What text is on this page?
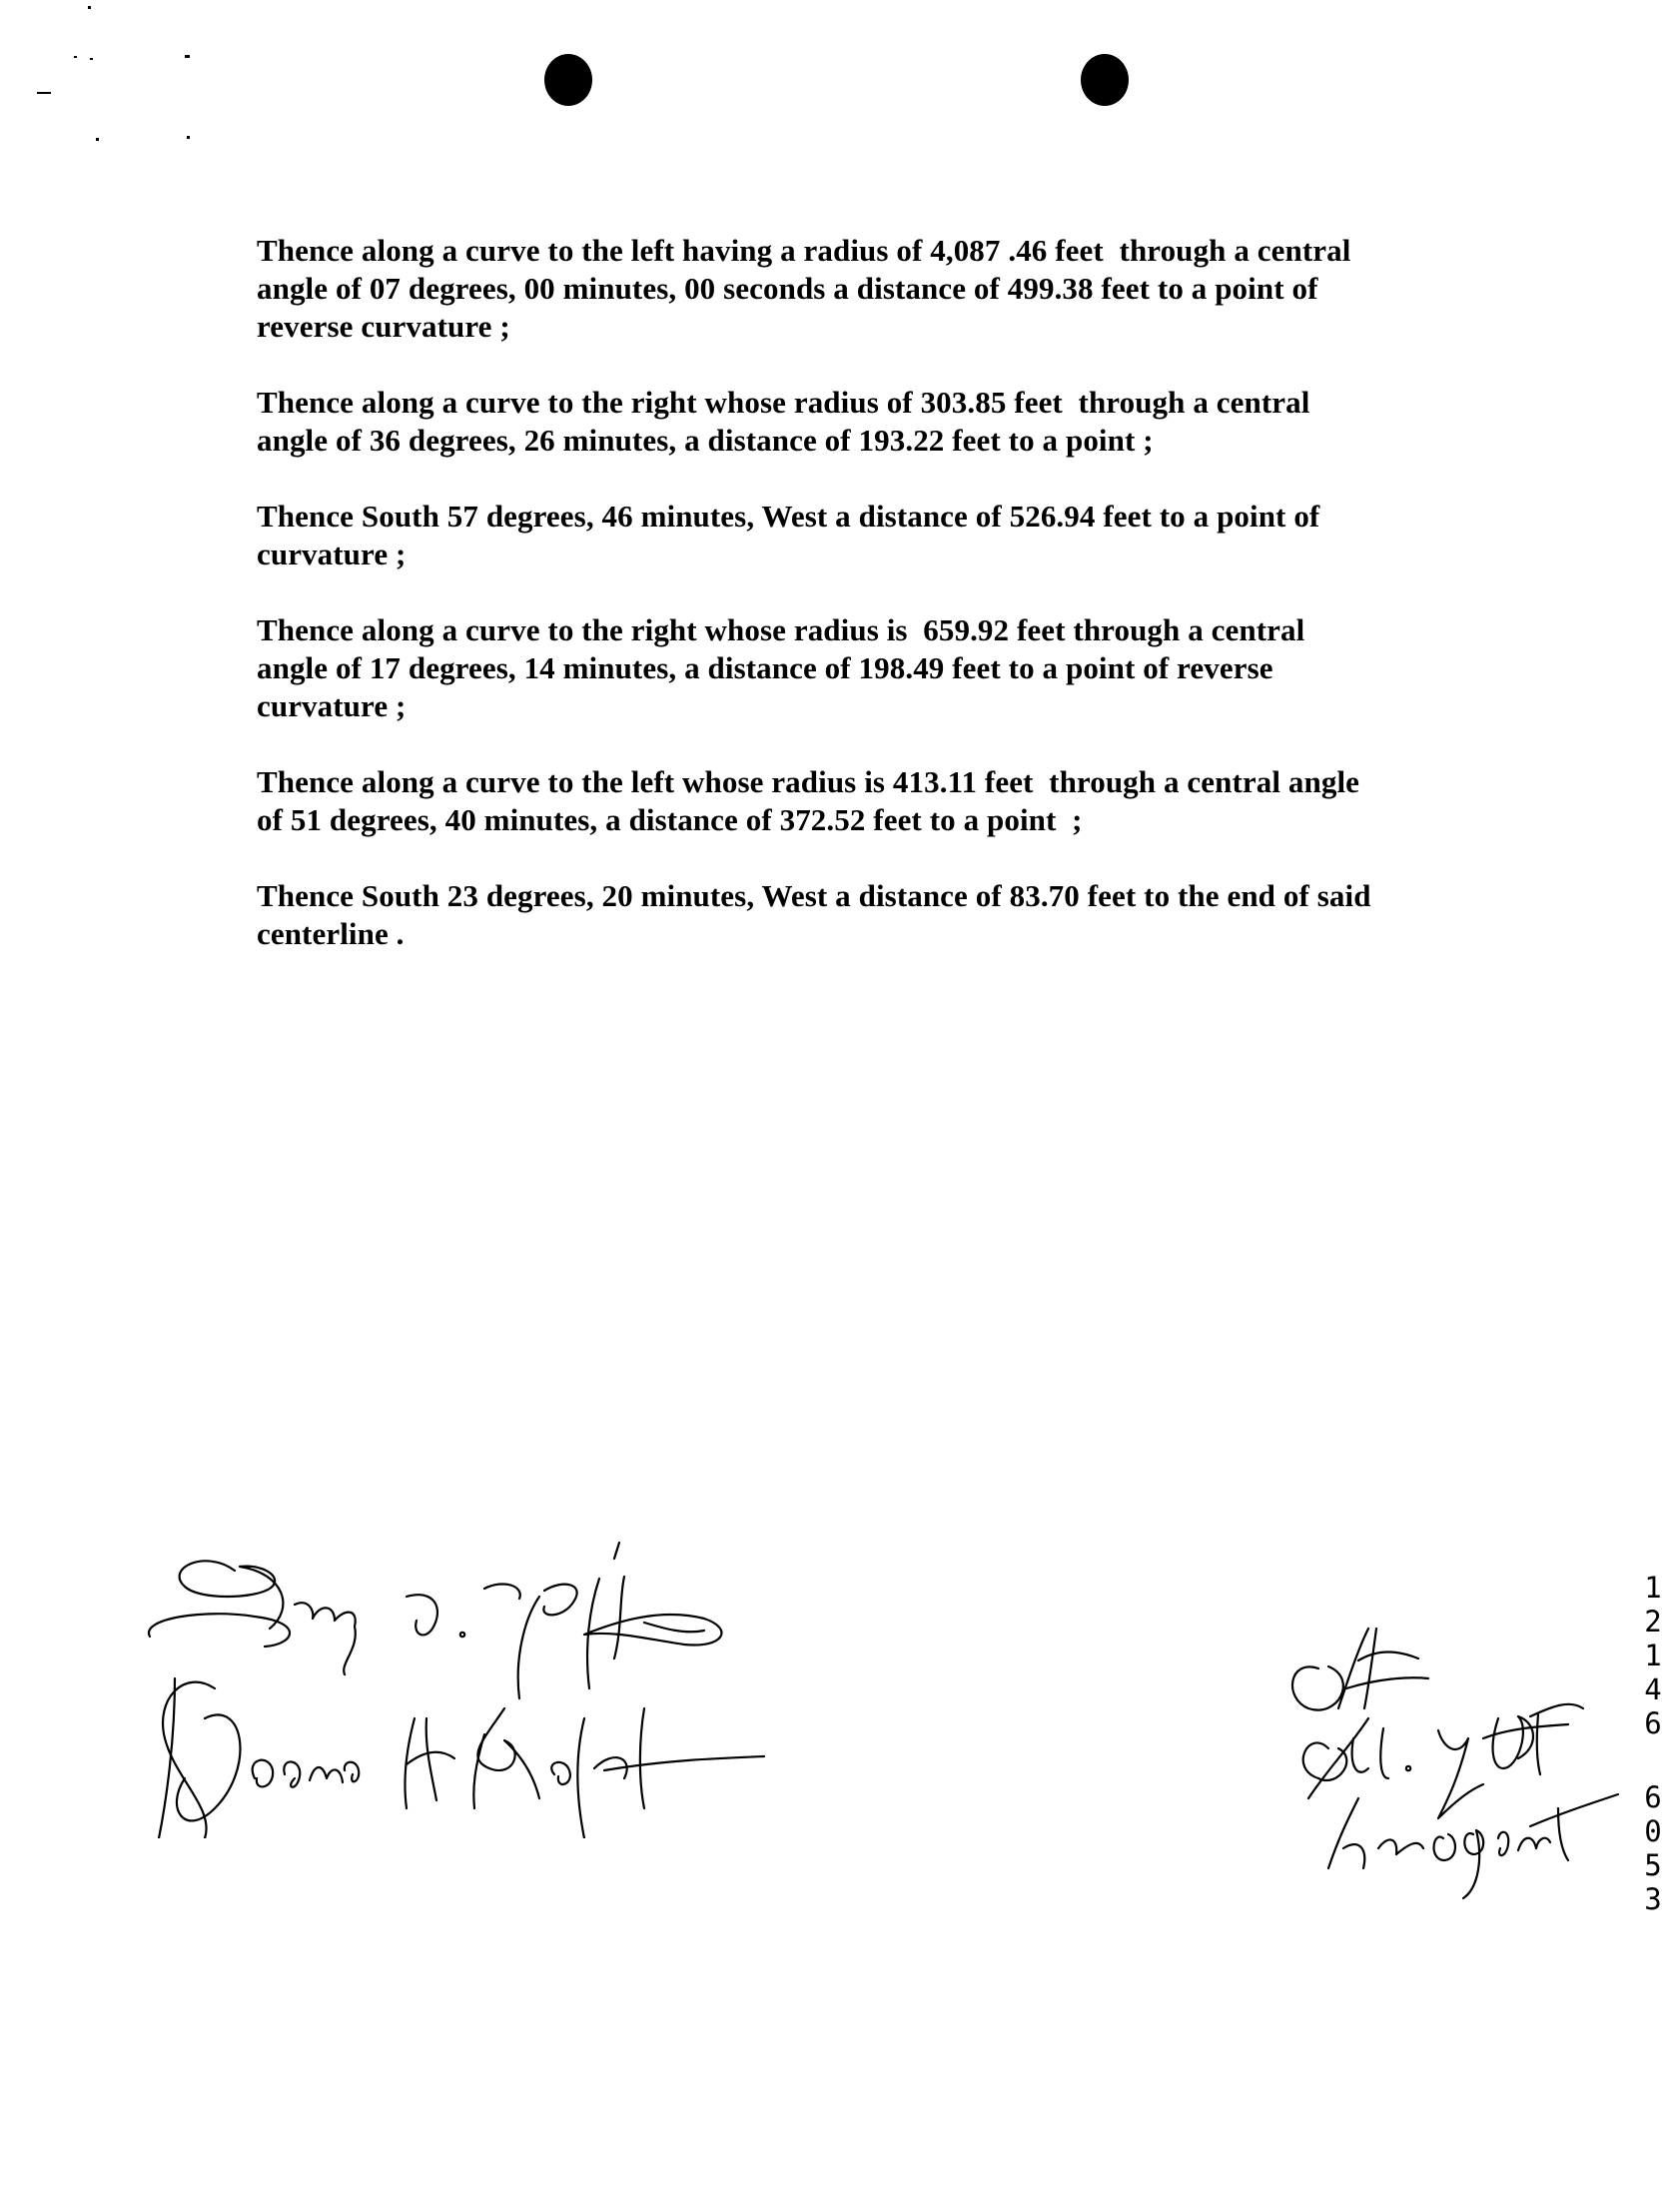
Thence along a curve to the left having a radius of 4,087 .46 feet  through a central
angle of 07 degrees, 00 minutes, 00 seconds a distance of 499.38 feet to a point of
reverse curvature ;

Thence along a curve to the right whose radius of 303.85 feet  through a central
angle of 36 degrees, 26 minutes, a distance of 193.22 feet to a point ;

Thence South 57 degrees, 46 minutes, West a distance of 526.94 feet to a point of
curvature ;

Thence along a curve to the right whose radius is  659.92 feet through a central
angle of 17 degrees, 14 minutes, a distance of 198.49 feet to a point of reverse
curvature ;

Thence along a curve to the left whose radius is 413.11 feet  through a central angle
of 51 degrees, 40 minutes, a distance of 372.52 feet to a point  ;

Thence South 23 degrees, 20 minutes, West a distance of 83.70 feet to the end of said
centerline .

1
2
1
4
6
6
0
5
3
